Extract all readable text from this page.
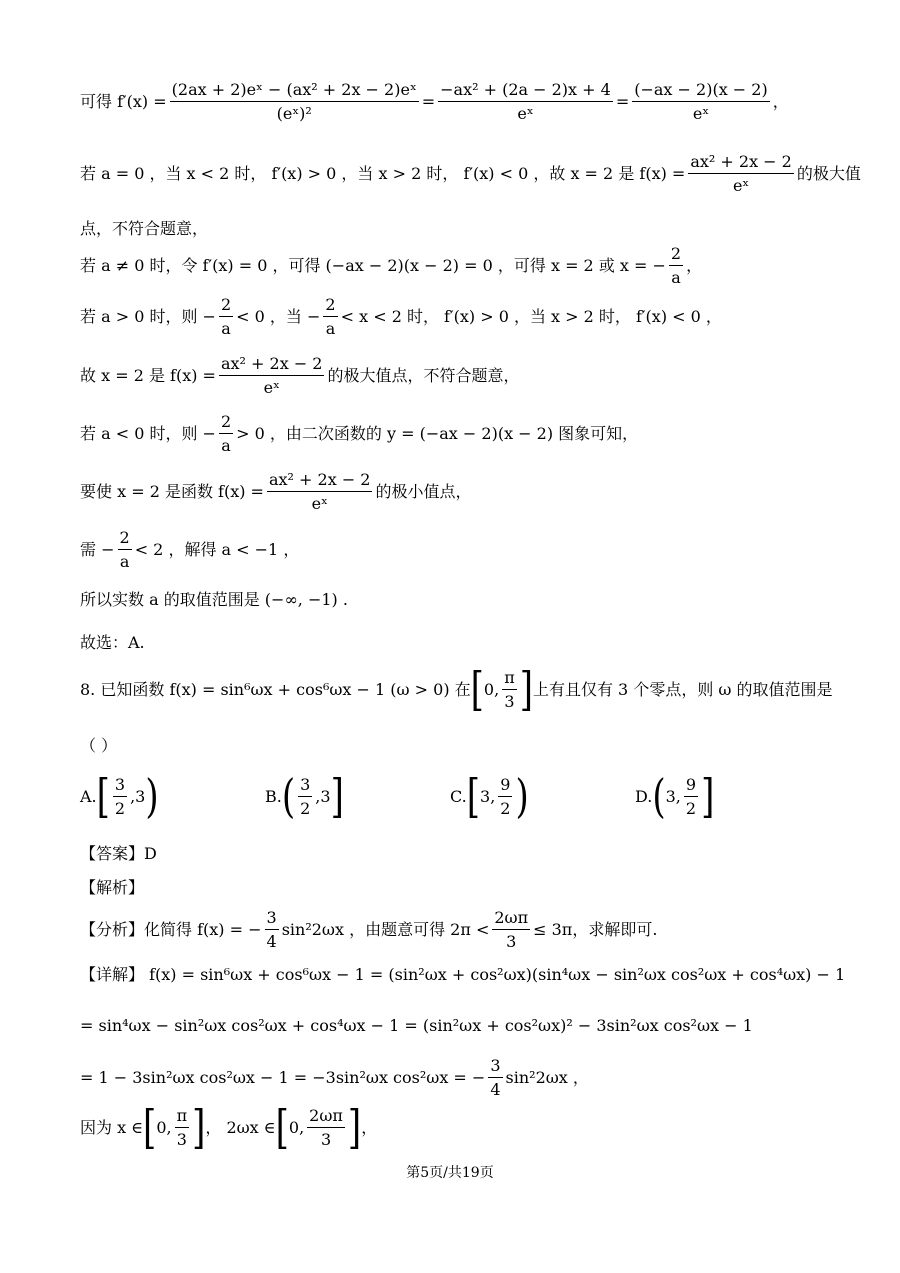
可得 $f'(x) = \frac{\text{(2ax + 2)eˣ − (ax² + 2x − 2)eˣ}}{\text{(eˣ)²}} = \frac{\text{−ax² + (2a − 2)x + 4}}{\text{eˣ}} = \frac{(-ax - 2)(x - 2)}{\text{eˣ}}$ ，
若 a = 0 ，当 x < 2 时， f′(x) > 0 ，当 x > 2 时， f′(x) < 0 ，故 x = 2 是 $f(x) = \frac{\text{ax² + 2x − 2}}{\text{eˣ}}$ 的极大值
点，不符合题意，
若 a ≠ 0 时，令 f′(x) = 0 ，可得 (−ax − 2)(x − 2) = 0 ，可得 x = 2 或 x = − $\frac{2}{a}$ ，
若 a > 0 时，则 − $\frac{2}{a} < 0$ ，当 − $\frac{2}{a} < x < 2$ 时， f′(x) > 0 ，当 x > 2 时， f′(x) < 0 ，
故 x = 2 是 $f(x) = \frac{\text{ax² + 2x − 2}}{\text{eˣ}}$ 的极大值点，不符合题意，
若 a < 0 时，则 − $\frac{2}{a} > 0$ ，由二次函数的 y = (−ax − 2)(x − 2) 图象可知，
要使 x = 2 是函数 $f(x) = \frac{\text{ax² + 2x − 2}}{\text{eˣ}}$ 的极小值点，
需 − $\frac{2}{a} < 2$ ，解得 a < −1 ，
所以实数 a 的取值范围是 (−∞, −1) .
故选：A.
8. 已知函数 f(x) = sin⁶ωx + cos⁶ωx − 1 (ω > 0) 在 [ 0, $\frac{\pi}{3}$ ] 上有且仅有 3 个零点，则 ω 的取值范围是
（ ）
A. [ $\frac{3}{2} ,3$ )	B. ( $\frac{3}{2} ,3$ ]	C. [ 3, $\frac{9}{2}$ )	D. ( 3, $\frac{9}{2}$ ]
【答案】D
【解析】
【分析】化简得 f(x) = − $\frac{3}{4} \sin^22\omega x$ ，由题意可得 $2\pi < \frac{2\omega\pi}{3} \le 3\pi$，求解即可.
【详解】 f(x) = sin⁶ωx + cos⁶ωx − 1 = (sin²ωx + cos²ωx)(sin⁴ωx − sin²ωx cos²ωx + cos⁴ωx) − 1
= sin⁴ωx − sin²ωx cos²ωx + cos⁴ωx − 1 = (sin²ωx + cos²ωx)² − 3sin²ωx cos²ωx − 1
= 1 − 3sin²ωx cos²ωx − 1 = −3sin²ωx cos²ωx = − $\frac{3}{4} \sin^22\omega x$ ，
因为 x ∈ [ 0, $\frac{\pi}{3}$ ] ， 2ωx ∈ [ 0, $\frac{2\omega\pi}{3}$ ] ，
第5页/共19页
